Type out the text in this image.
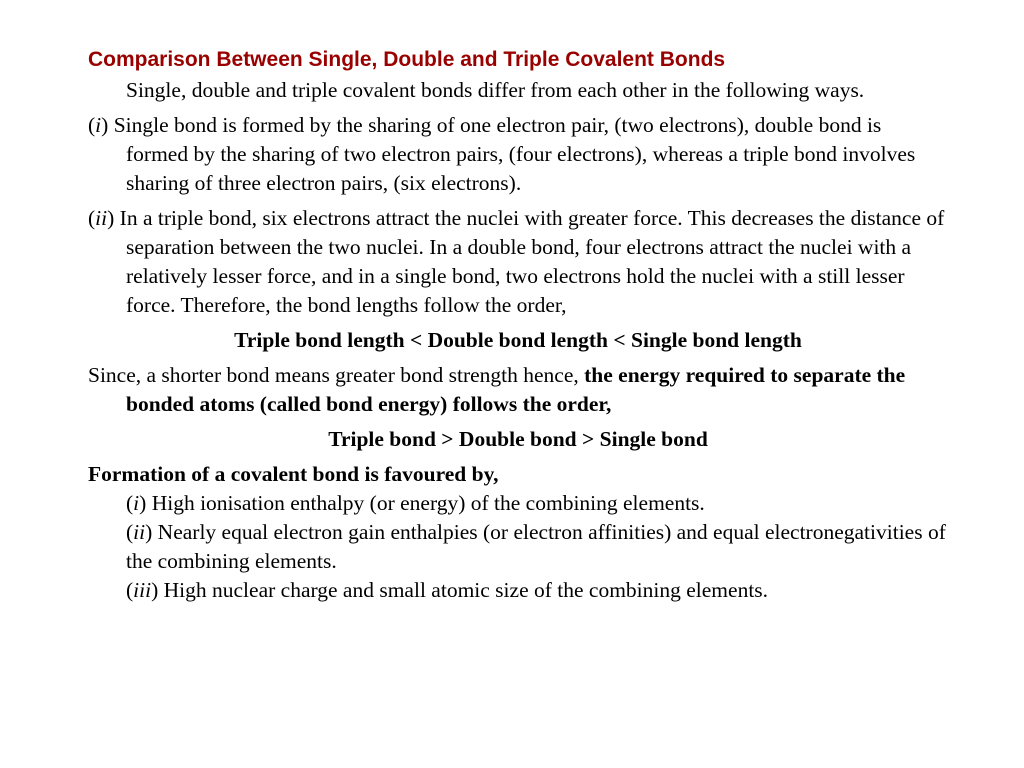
Comparison Between Single, Double and Triple Covalent Bonds

Single, double and triple covalent bonds differ from each other in the following ways.

(i) Single bond is formed by the sharing of one electron pair, (two electrons), double bond is formed by the sharing of two electron pairs, (four electrons), whereas a triple bond involves sharing of three electron pairs, (six electrons).

(ii) In a triple bond, six electrons attract the nuclei with greater force. This decreases the distance of separation between the two nuclei. In a double bond, four electrons attract the nuclei with a relatively lesser force, and in a single bond, two electrons hold the nuclei with a still lesser force. Therefore, the bond lengths follow the order,

Triple bond length < Double bond length < Single bond length

Since, a shorter bond means greater bond strength hence, the energy required to separate the bonded atoms (called bond energy) follows the order,

Triple bond > Double bond > Single bond

Formation of a covalent bond is favoured by,

(i) High ionisation enthalpy (or energy) of the combining elements.

(ii) Nearly equal electron gain enthalpies (or electron affinities) and equal electronegativities of the combining elements.

(iii) High nuclear charge and small atomic size of the combining elements.
